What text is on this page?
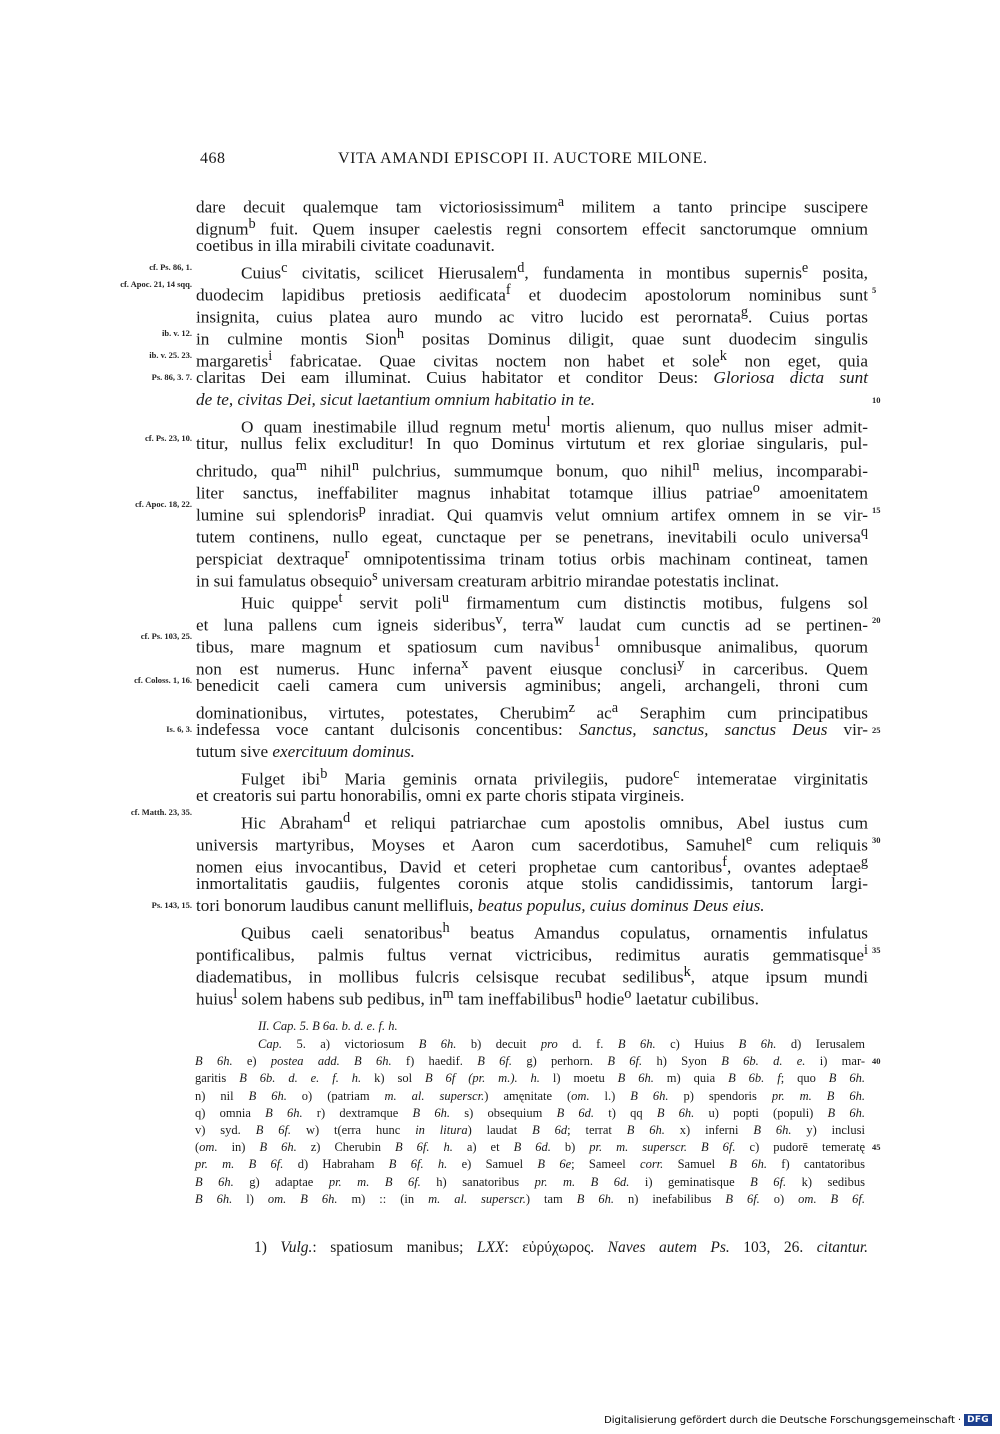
468	VITA AMANDI EPISCOPI II. AUCTORE MILONE.
dare decuit qualemque tam victoriosissimum$^a$ militem a tanto principe suscipere
dignum$^b$ fuit. Quem insuper caelestis regni consortem effecit sanctorumque omnium
coetibus in illa mirabili civitate coadunavit.
cf. Ps. 86, 1.	Cuius$^c$ civitatis, scilicet Hierusalem$^d$, fundamenta in montibus supernis$^e$ posita,
cf. Apoc. 21, 14 sqq.
duodecim lapidibus pretiosis aedificata$^f$ et duodecim apostolorum nominibus sunt 5
insignita, cuius platea auro mundo ac vitro lucido est perornata$^g$. Cuius portas
ib. v. 12. in culmine montis Sion$^h$ positas Dominus diligit, quae sunt duodecim singulis
ib. v. 25. 23. margaretis$^i$ fabricatae. Quae civitas noctem non habet et sole$^k$ non eget, quia
Ps. 86, 3. 7. claritas Dei eam illuminat. Cuius habitator et conditor Deus: Gloriosa dicta sunt
de te, civitas Dei, sicut laetantium omnium habitatio in te.	10
O quam inestimabile illud regnum metu$^l$ mortis alienum, quo nullus miser admit-
cf. Ps. 23, 10. titur, nullus felix excluditur! In quo Dominus virtutum et rex gloriae singularis, pul-
chritudo, qua$^m$ nihil$^n$ pulchrius, summumque bonum, quo nihil$^n$ melius, incomparabi-
liter sanctus, ineffabiliter magnus inhabitat totamque illius patriae$^o$ amoenitatem
cf. Apoc. 18, 22.
lumine sui splendoris$^p$ inradiat. Qui quamvis velut omnium artifex omnem in se vir- 15
tutem continens, nullo egeat, cunctaque per se penetrans, inevitabili oculo universa$^q$
perspiciat dextraque$^r$ omnipotentissima trinam totius orbis machinam contineat, tamen
in sui famulatus obsequio$^s$ universam creaturam arbitrio mirandae potestatis inclinat.
Huic quippe$^t$ servit poli$^u$ firmamentum cum distinctis motibus, fulgens sol
et luna pallens cum igneis sideribus$^v$, terra$^w$ laudat cum cunctis ad se pertinen- 20
cf. Ps. 103, 25.
tibus, mare magnum et spatiosum cum navibus$^1$ omnibusque animalibus, quorum
non est numerus. Hunc inferna$^x$ pavent eiusque conclusi$^y$ in carceribus. Quem
cf. Coloss. 1, 16. benedicit caeli camera cum universis agminibus; angeli, archangeli, throni cum
dominationibus, virtutes, potestates, Cherubim$^z$ $ac^a$ Seraphim cum principatibus
Is. 6, 3. indefessa voce cantant dulcisonis concentibus: Sanctus, sanctus, sanctus Deus vir- 25
tutum sive exercituum dominus.
Fulget ibi$^b$ Maria geminis ornata privilegiis, pudore$^c$ intemeratae virginitatis
et creatoris sui partu honorabilis, omni ex parte choris stipata virgineis.
cf. Matth. 23, 35.
Hic Abraham$^d$ et reliqui patriarchae cum apostolis omnibus, Abel iustus cum
universis martyribus, Moyses et Aaron cum sacerdotibus, Samuhel$^e$ cum reliquis 30
nomen eius invocantibus, David et ceteri prophetae cum cantoribus$^f$, ovantes adeptae$^g$
inmortalitatis gaudiis, fulgentes coronis atque stolis candidissimis, tantorum largi-
Ps. 143, 15. tori bonorum laudibus canunt mellifluis, beatus populus, cuius dominus Deus eius.
Quibus caeli senatoribus$^h$ beatus Amandus copulatus, ornamentis infulatus
pontificalibus, palmis fultus vernat victricibus, redimitus auratis gemmatisque$^i$ 35
diadematibus, in mollibus fulcris celsisque recubat sedilibus$^k$, atque ipsum mundi
huius$^l$ solem habens sub pedibus, $in^m$ tam ineffabilibus$^n$ hodie$^o$ laetatur cubilibus.
II. Cap. 5. B 6a. b. d. e. f. h.
Cap. 5. a) victoriosum B 6h. b) decuit pro d. f. B 6h. c) Huius B 6h. d) Ierusalem
B 6h. e) postea add. B 6h. f) haedif. B 6f. g) perhorn. B 6f. h) Syon B 6b. d. e. i) mar- 40
garitis B 6b. d. e. f. h. k) sol B 6f (pr. m.). h. l) moetu B 6h. m) quia B 6b. f; quo B 6h.
n) nil B 6h. o) (patriam m. al. superscr.) amęnitate (om. l.) B 6h. p) spendoris pr. m. B 6h.
q) omnia B 6h. r) dextramque B 6h. s) obsequium B 6d. t) qq B 6h. u) popti (populi) B 6h.
v) syd. B 6f. w) t(erra hunc in litura) laudat B 6d; terrat B 6h. x) inferni B 6h. y) inclusi
(om. in) B 6h. z) Cherubin B 6f. h. a) et B 6d. b) pr. m. superscr. B 6f. c) pudorē temeratę 45
pr. m. B 6f. d) Habraham B 6f. h. e) Samuel B 6e; Sameel corr. Samuel B 6h. f) cantatoribus
B 6h. g) adaptae pr. m. B 6f. h) sanatoribus pr. m. B 6d. i) geminatisque B 6f. k) sedibus
B 6h. l) om. B 6h. m) :: (in m. al. superscr.) tam B 6h. n) inefabilibus B 6f. o) om. B 6f.
1) Vulg.: spatiosum manibus; LXX: εὐρύχωρος. Naves autem Ps. 103, 26. citantur.
Digitalisierung gefördert durch die Deutsche Forschungsgemeinschaft · DFG
